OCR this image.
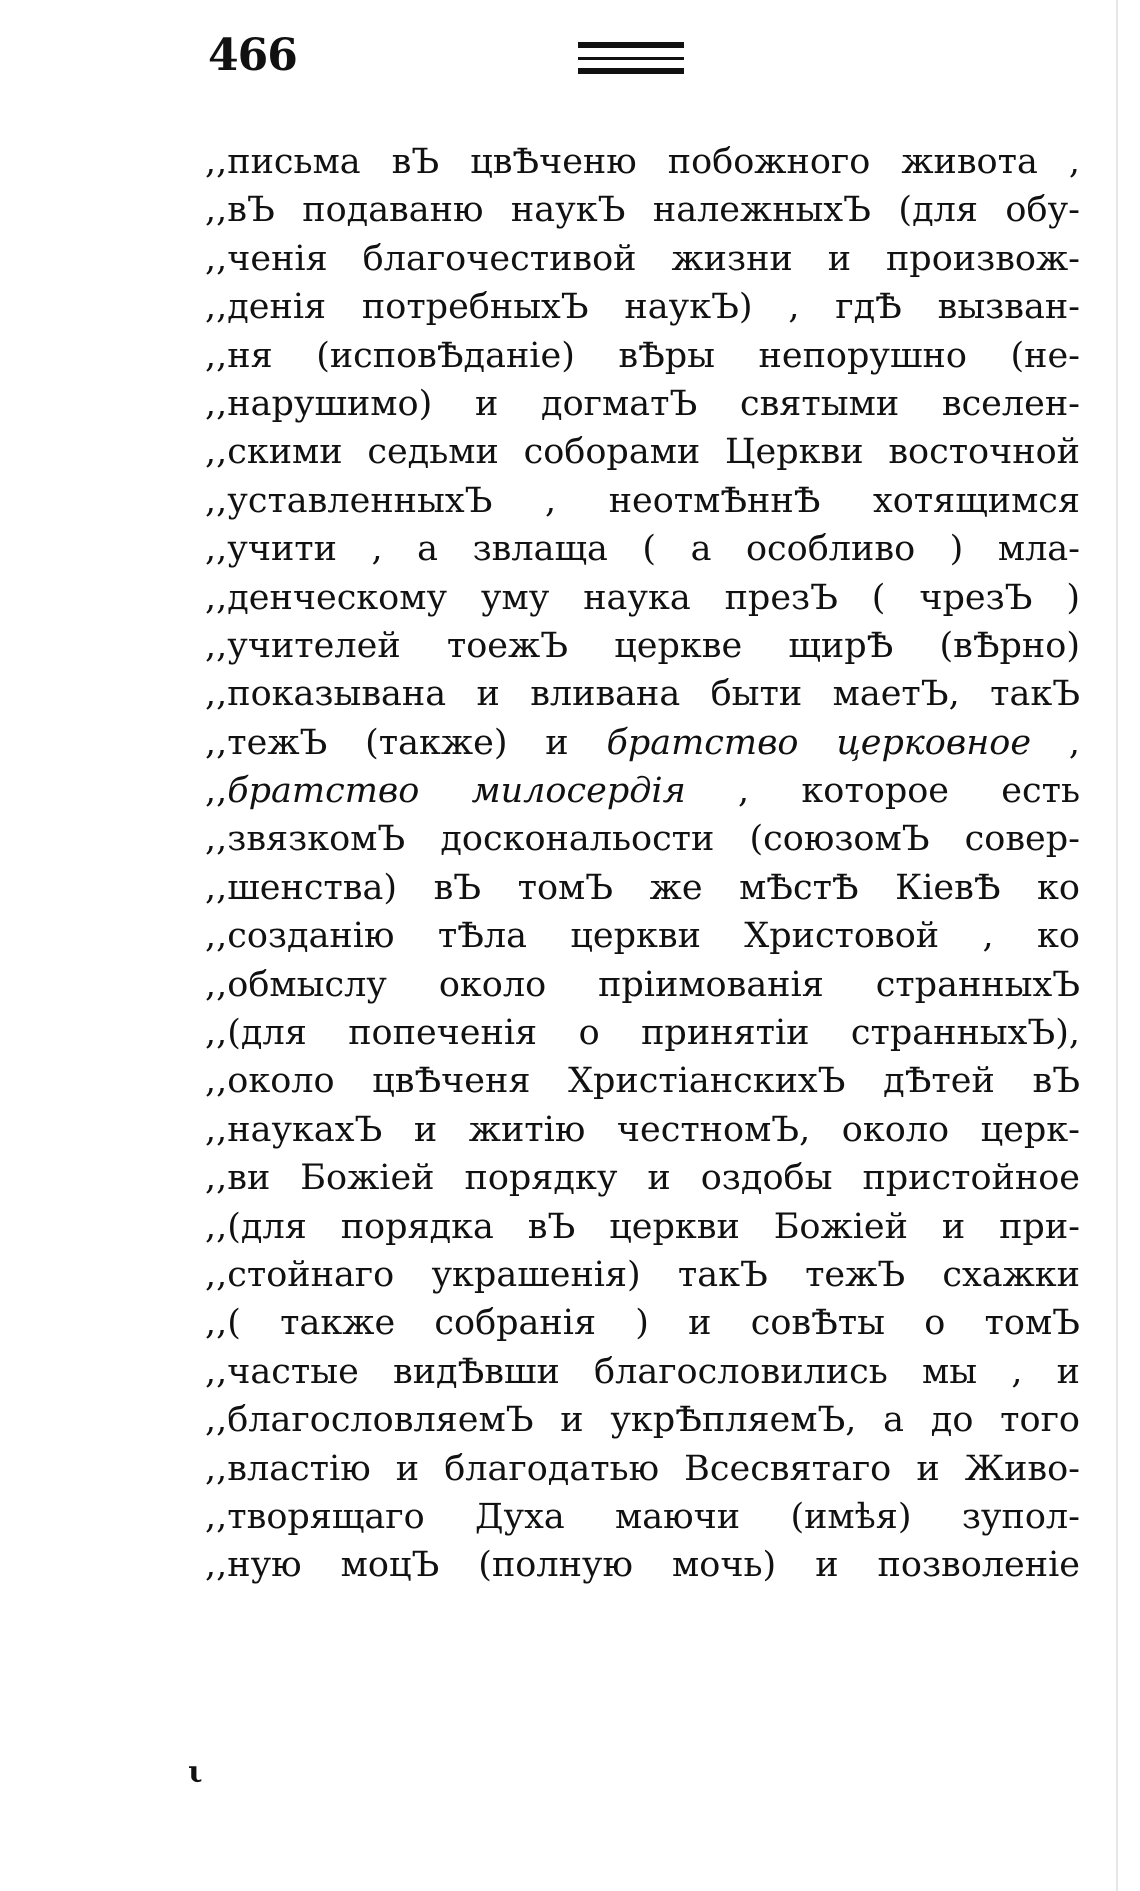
466
,,письма вЪ цвѢченю побожного живота ,
,,вЪ подаваню наукЪ належныхЪ (для обу-
,,ченія благочестивой жизни и произвож-
,,денія потребныхЪ наукЪ) , гдѢ вызван-
,,ня (исповѢданіе) вѢры непорушно (не-
,,нарушимо) и догматЪ святыми вселен-
,,скими седьми соборами Церкви восточной
,,уставленныхЪ , неотмѢннѢ хотящимся
,,учити , а звлаща ( а особливо ) мла-
,,денческому уму наука презЪ ( чрезЪ )
,,учителей тоежЪ церкве щирѢ (вѢрно)
,,показывана и вливана быти маетЪ, такЪ
,,тежЪ (также) и братство церковное ,
,,братство милосердія , которое есть
,,звязкомЪ доскональости (союзомЪ совер-
,,шенства) вЪ томЪ же мѢстѢ КіевѢ ко
,,созданію тѢла церкви Христовой , ко
,,обмыслу около пріимованія странныхЪ
,,(для попеченія о принятіи странныхЪ),
,,около цвѢченя ХристіанскихЪ дѢтей вЪ
,,наукахЪ и житію честномЪ, около церк-
,,ви Божіей порядку и оздобы пристойное
,,(для порядка вЪ церкви Божіей и при-
,,стойнаго украшенія) такЪ тежЪ схажки
,,( также собранія ) и совѢты о томЪ
,,частые видѢвши благословились мы , и
,,благословляемЪ и укрѢпляемЪ, а до того
,,властію и благодатью Всесвятаго и Живо-
,,творящаго Духа маючи (имѣя) зупол-
,,ную моцЪ (полную мочь) и позволеніе
ι
